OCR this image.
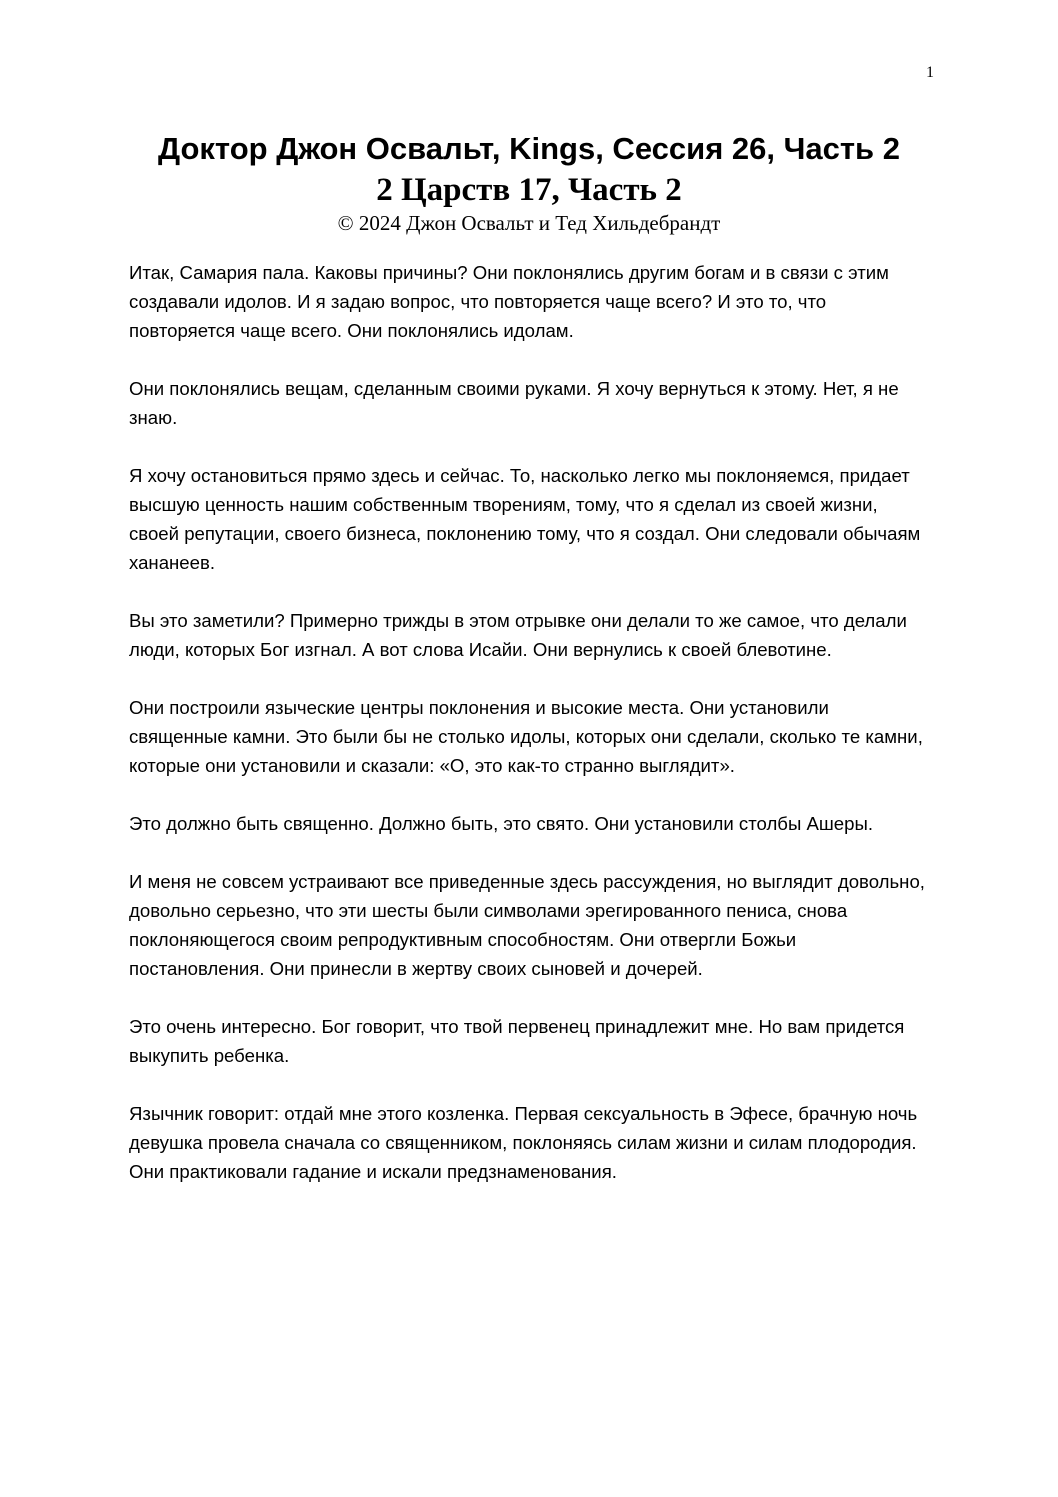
1
Доктор Джон Освальт, Kings, Сессия 26, Часть 2
2 Царств 17, Часть 2

© 2024 Джон Освальт и Тед Хильдебрандт

Итак, Самария пала. Каковы причины? Они поклонялись другим богам и в связи с этим создавали идолов. И я задаю вопрос, что повторяется чаще всего? И это то, что повторяется чаще всего. Они поклонялись идолам.

Они поклонялись вещам, сделанным своими руками. Я хочу вернуться к этому. Нет, я не знаю.

Я хочу остановиться прямо здесь и сейчас. То, насколько легко мы поклоняемся, придает высшую ценность нашим собственным творениям, тому, что я сделал из своей жизни, своей репутации, своего бизнеса, поклонению тому, что я создал. Они следовали обычаям хананеев.

Вы это заметили? Примерно трижды в этом отрывке они делали то же самое, что делали люди, которых Бог изгнал. А вот слова Исайи. Они вернулись к своей блевотине.

Они построили языческие центры поклонения и высокие места. Они установили священные камни. Это были бы не столько идолы, которых они сделали, сколько те камни, которые они установили и сказали: «О, это как-то странно выглядит».

Это должно быть священно. Должно быть, это свято. Они установили столбы Ашеры.

И меня не совсем устраивают все приведенные здесь рассуждения, но выглядит довольно, довольно серьезно, что эти шесты были символами эрегированного пениса, снова поклоняющегося своим репродуктивным способностям. Они отвергли Божьи постановления. Они принесли в жертву своих сыновей и дочерей.

Это очень интересно. Бог говорит, что твой первенец принадлежит мне. Но вам придется выкупить ребенка.

Язычник говорит: отдай мне этого козленка. Первая сексуальность в Эфесе, брачную ночь девушка провела сначала со священником, поклоняясь силам жизни и силам плодородия. Они практиковали гадание и искали предзнаменования.
